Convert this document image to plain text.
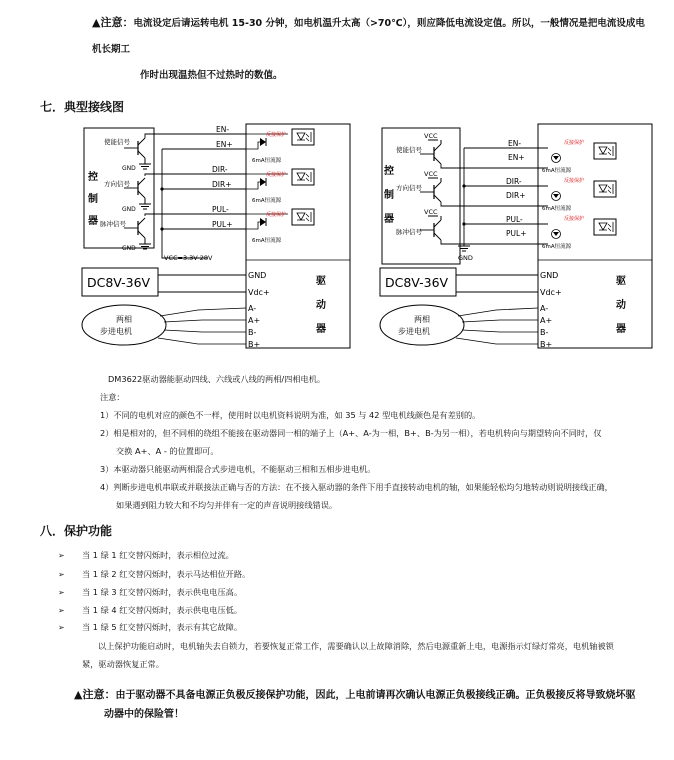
▲注意：电流设定后请运转电机 15-30 分钟，如电机温升太高（>70℃），则应降低电流设定值。所以，一般情况是把电流设成电机长期工
作时出现温热但不过热时的数值。
七．典型接线图
控
制
器
使能信号
方向信号
脉冲信号
GND
GND
GND
VCC=3.3V-28V
EN-
EN+
DIR-
DIR+
PUL-
PUL+
反接保护
6mA恒流源
反接保护
6mA恒流源
反接保护
6mA恒流源
DC8V-36V	GND
Vdc+
A-
A+
B-
B+
驱
动
器
两相
步进电机
控
制
器
VCC
VCC
VCC
使能信号
方向信号
脉冲信号
GND
EN-
EN+
DIR-
DIR+
PUL-
PUL+
反接保护
6mA恒流源
反接保护
6mA恒流源
反接保护
6mA恒流源
DC8V-36V	GND
Vdc+
A-
A+
B-
B+
驱
动
器
两相
步进电机
DM3622驱动器能驱动四线、六线或八线的两相/四相电机。
注意：
1）不同的电机对应的颜色不一样，使用时以电机资料说明为准，如 35 与 42 型电机线颜色是有差别的。
2）相是相对的，但不同相的绕组不能接在驱动器同一相的端子上（A+、A-为一相，B+、B-为另一相），若电机转向与期望转向不同时，仅
交换 A+、A - 的位置即可。
3）本驱动器只能驱动两相混合式步进电机，不能驱动三相和五相步进电机。
4）判断步进电机串联或并联接法正确与否的方法：在不接入驱动器的条件下用手直接转动电机的轴，如果能轻松均匀地转动则说明接线正确，
如果遇到阻力较大和不均匀并伴有一定的声音说明接线错误。
八．保护功能
➢ 当 1 绿 1 红交替闪烁时，表示相位过流。
➢ 当 1 绿 2 红交替闪烁时，表示马达相位开路。
➢ 当 1 绿 3 红交替闪烁时，表示供电电压高。
➢ 当 1 绿 4 红交替闪烁时，表示供电电压低。
➢ 当 1 绿 5 红交替闪烁时，表示有其它故障。
以上保护功能启动时，电机轴失去自锁力，若要恢复正常工作，需要确认以上故障消除，然后电源重新上电，电源指示灯绿灯常亮，电机轴被锁
紧，驱动器恢复正常。
▲注意：由于驱动器不具备电源正负极反接保护功能，因此，上电前请再次确认电源正负极接线正确。正负极接反将导致烧坏驱
动器中的保险管！
